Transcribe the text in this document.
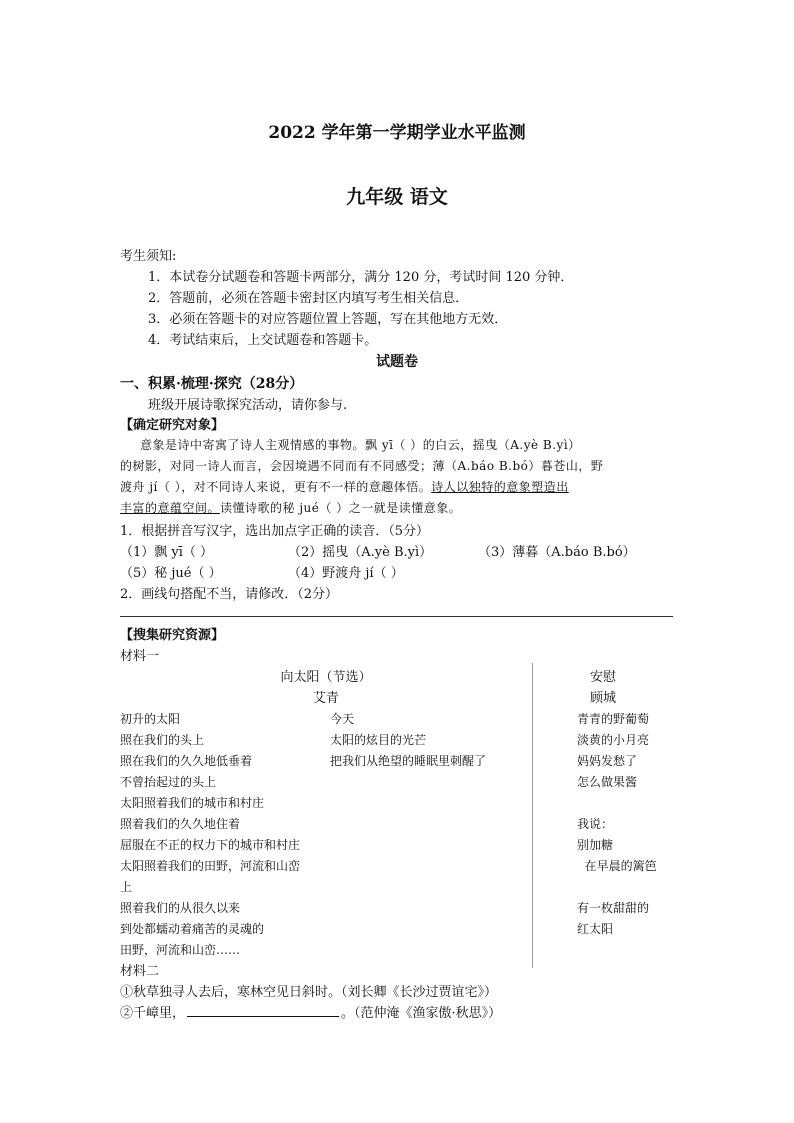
2022 学年第一学期学业水平监测
九年级 语文
考生须知:
1．本试卷分试题卷和答题卡两部分，满分 120 分，考试时间 120 分钟．
2．答题前，必须在答题卡密封区内填写考生相关信息．
3．必须在答题卡的对应答题位置上答题，写在其他地方无效．
4．考试结束后，上交试题卷和答题卡。
试题卷
一、积累·梳理·探究（28分）
班级开展诗歌探究活动，请你参与.
【确定研究对象】
意象是诗中寄寓了诗人主观情感的事物。飘 yī（ ）的白云，摇曳（A.yè B.yì）
的树影，对同一诗人而言，会因境遇不同而有不同感受；薄（A.báo B.bó）暮苍山，野
渡舟 jí（ ），对不同诗人来说，更有不一样的意趣体悟。诗人以独特的意象塑造出
丰富的意蕴空间。读懂诗歌的秘 jué（ ）之一就是读懂意象。
1．根据拼音写汉字，选出加点字正确的读音．（5分）
（1）飘 yī（ ）	（2）摇曳（A.yè B.yì）	（3）薄暮（A.báo B.bó）
（5）秘 jué（ ）	（4）野渡舟 jí（ ）
2．画线句搭配不当，请修改．（2分）
【搜集研究资源】
材料一
向太阳（节选）
艾青
初升的太阳
照在我们的头上
照在我们的久久地低垂着
不曾抬起过的头上
太阳照着我们的城市和村庄
照着我们的久久地住着
屈服在不正的权力下的城市和村庄
太阳照着我们的田野，河流和山峦
上
照着我们的从很久以来
到处都蠕动着痛苦的灵魂的
田野，河流和山峦……
今天
太阳的炫目的光芒
把我们从绝望的睡眠里刺醒了
安慰
顾城
青青的野葡萄
淡黄的小月亮
妈妈发愁了
怎么做果酱
我说：
别加糖
在早晨的篱笆
有一枚甜甜的
红太阳
材料二
①秋草独寻人去后，寒林空见日斜时。（刘长卿《长沙过贾谊宅》）
②千嶂里，	。（范仲淹《渔家傲·秋思》）
